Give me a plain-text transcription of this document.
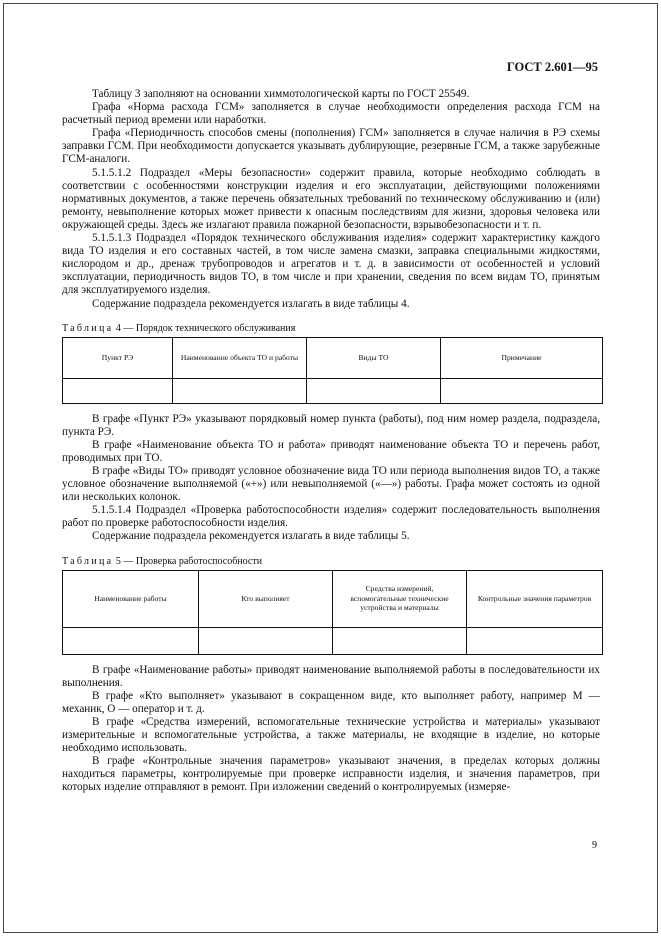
ГОСТ 2.601—95

Таблицу 3 заполняют на основании химмотологической карты по ГОСТ 25549.

Графа «Норма расхода ГСМ» заполняется в случае необходимости определения расхода ГСМ на расчетный период времени или наработки.

Графа «Периодичность способов смены (пополнения) ГСМ» заполняется в случае наличия в РЭ схемы заправки ГСМ. При необходимости допускается указывать дублирующие, резервные ГСМ, а также зарубежные ГСМ-аналоги.

5.1.5.1.2 Подраздел «Меры безопасности» содержит правила, которые необходимо соблюдать в соответствии с особенностями конструкции изделия и его эксплуатации, действующими положениями нормативных документов, а также перечень обязательных требований по техническому обслуживанию и (или) ремонту, невыполнение которых может привести к опасным последствиям для жизни, здоровья человека или окружающей среды. Здесь же излагают правила пожарной безопасности, взрывобезопасности и т. п.

5.1.5.1.3 Подраздел «Порядок технического обслуживания изделия» содержит характеристику каждого вида ТО изделия и его составных частей, в том числе замена смазки, заправка специальными жидкостями, кислородом и др., дренаж трубопроводов и агрегатов и т. д. в зависимости от особенностей и условий эксплуатации, периодичность видов ТО, в том числе и при хранении, сведения по всем видам ТО, принятым для эксплуатируемого изделия.

Содержание подраздела рекомендуется излагать в виде таблицы 4.

Таблица 4 — Порядок технического обслуживания
Пункт РЭ	Наименование объекта ТО и работы	Виды ТО	Примечание

В графе «Пункт РЭ» указывают порядковый номер пункта (работы), под ним номер раздела, подраздела, пункта РЭ.

В графе «Наименование объекта ТО и работа» приводят наименование объекта ТО и перечень работ, проводимых при ТО.

В графе «Виды ТО» приводят условное обозначение вида ТО или периода выполнения видов ТО, а также условное обозначение выполняемой («+») или невыполняемой («—») работы. Графа может состоять из одной или нескольких колонок.

5.1.5.1.4 Подраздел «Проверка работоспособности изделия» содержит последовательность выполнения работ по проверке работоспособности изделия.

Содержание подраздела рекомендуется излагать в виде таблицы 5.

Таблица 5 — Проверка работоспособности
Наименование работы	Кто выполняет	Средства измерений, вспомогательные технические устройства и материалы	Контрольные значения параметров

В графе «Наименование работы» приводят наименование выполняемой работы в последовательности их выполнения.

В графе «Кто выполняет» указывают в сокращенном виде, кто выполняет работу, например М — механик, О — оператор и т. д.

В графе «Средства измерений, вспомогательные технические устройства и материалы» указывают измерительные и вспомогательные устройства, а также материалы, не входящие в изделие, но которые необходимо использовать.

В графе «Контрольные значения параметров» указывают значения, в пределах которых должны находиться параметры, контролируемые при проверке исправности изделия, и значения параметров, при которых изделие отправляют в ремонт. При изложении сведений о контролируемых (измеряе-

9
